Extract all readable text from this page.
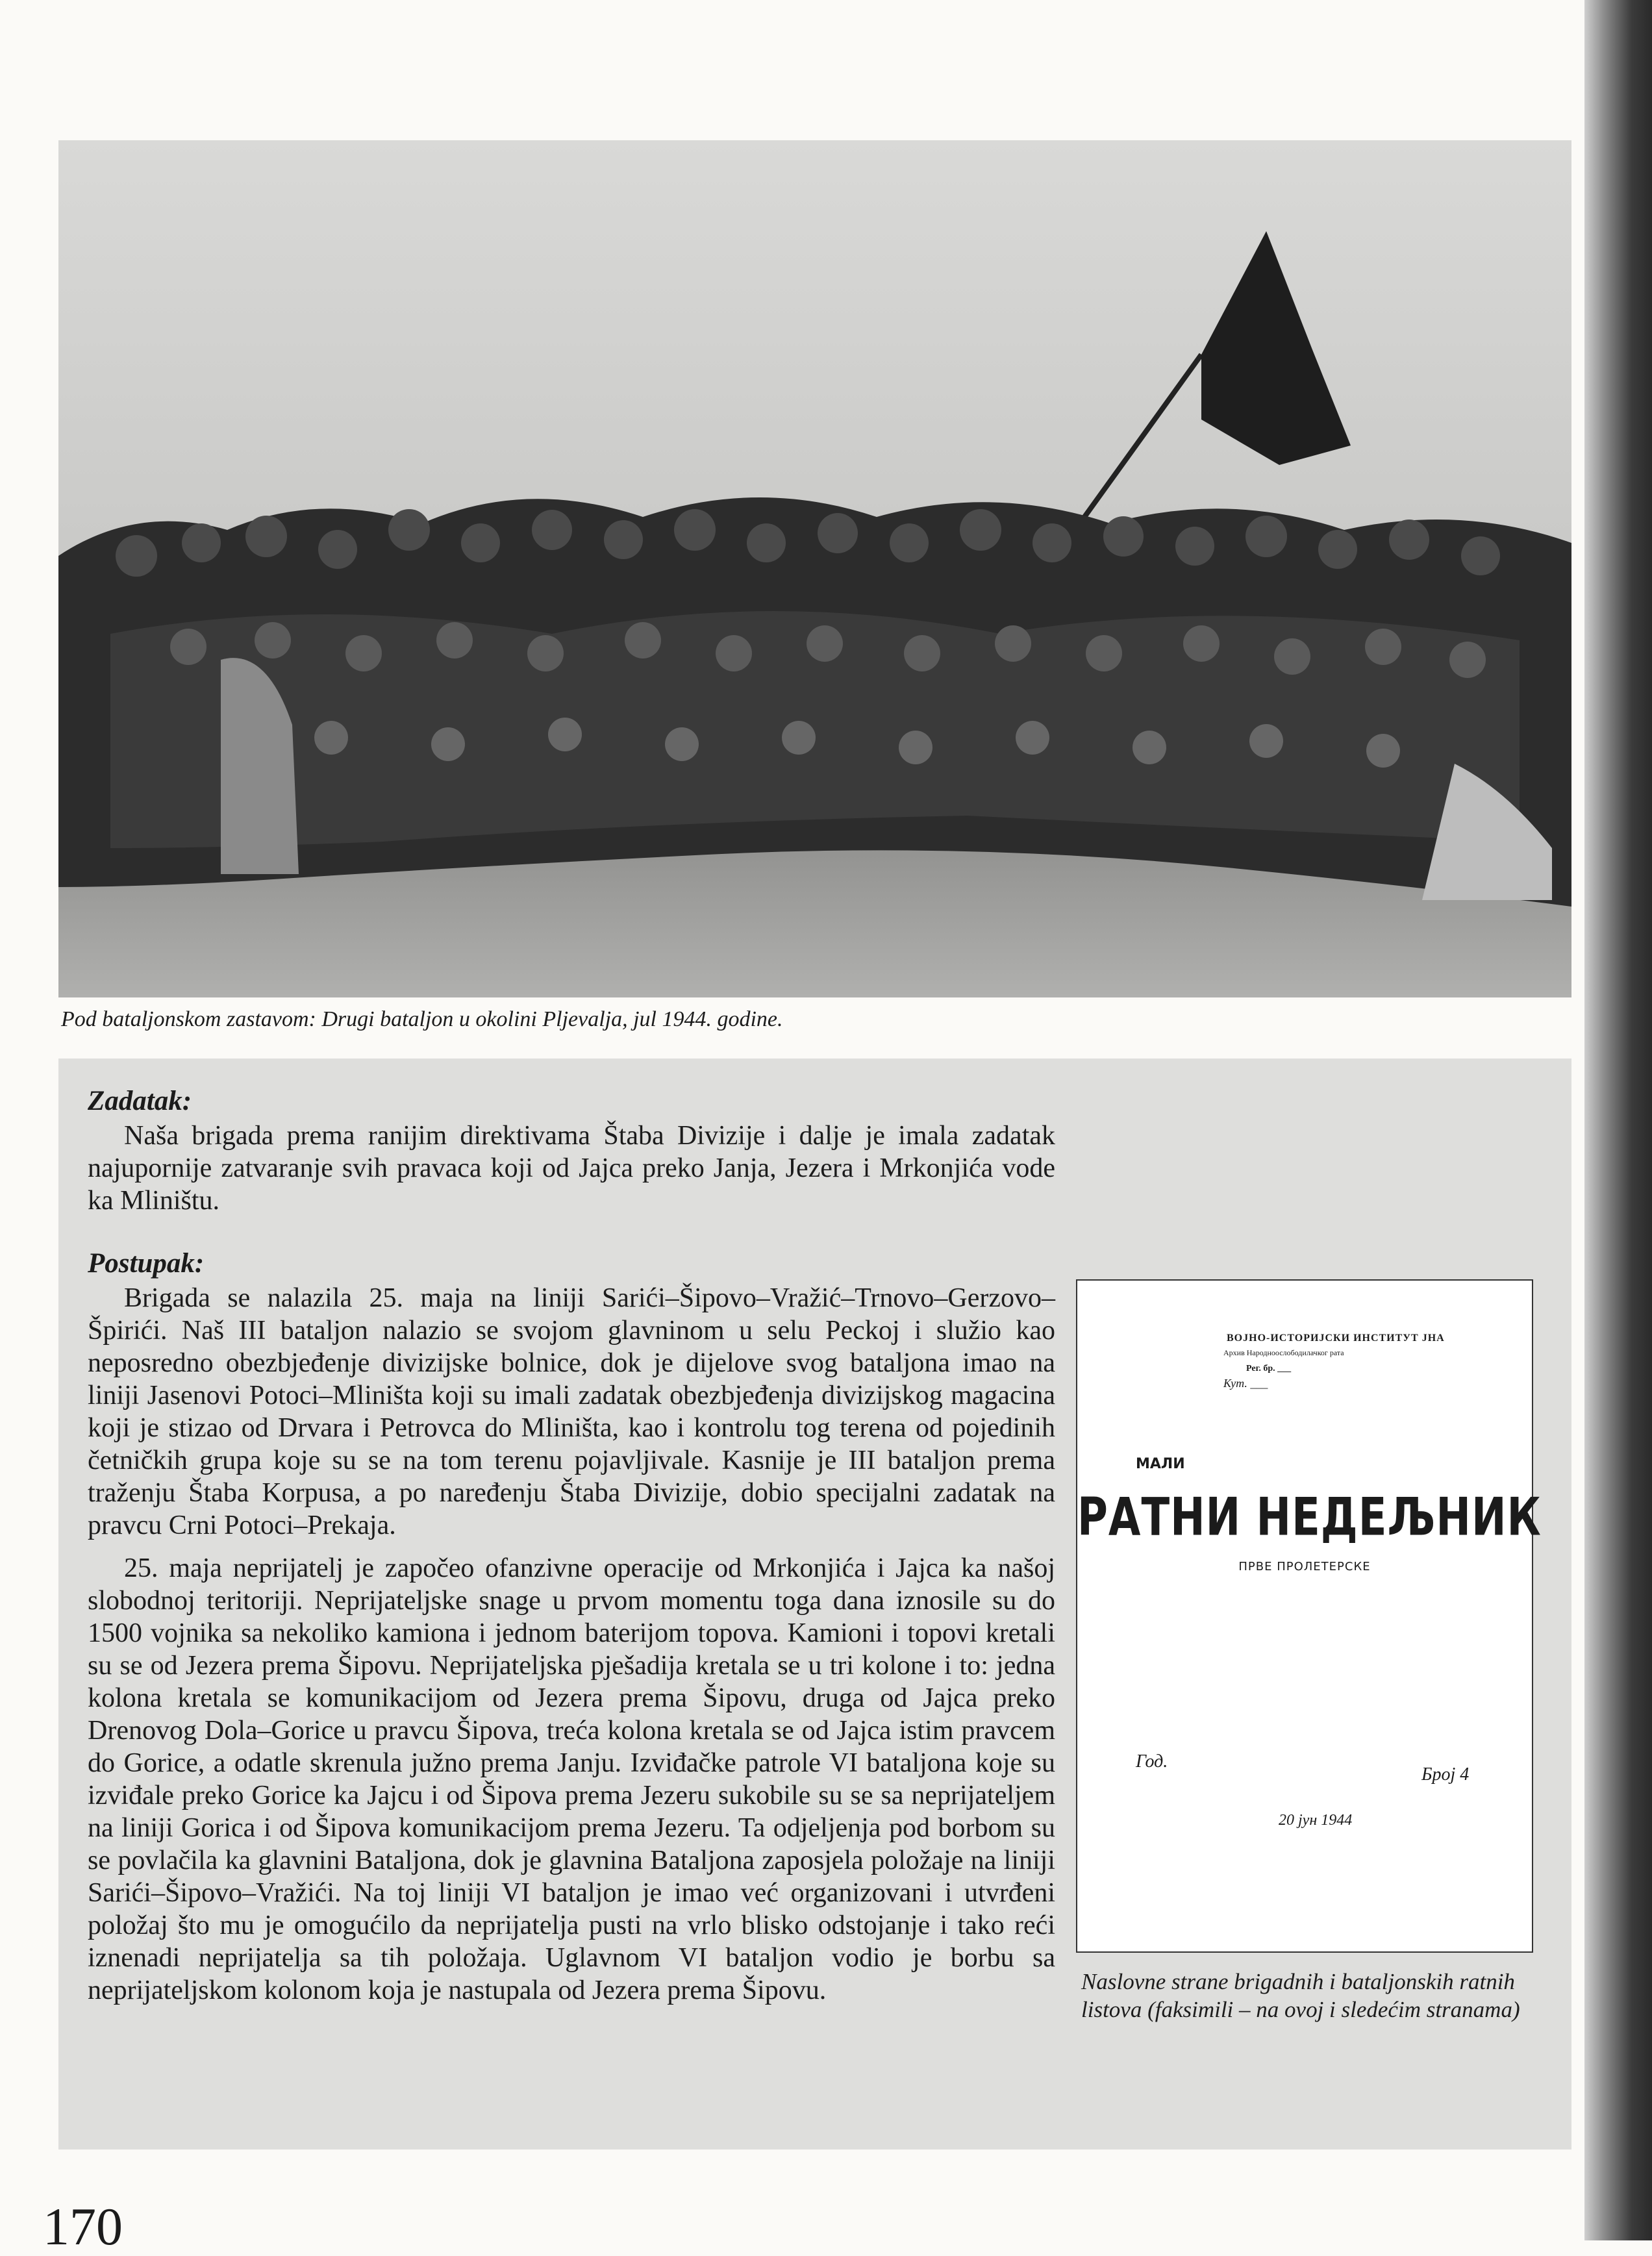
Pod bataljonskom zastavom: Drugi bataljon u okolini Pljevalja, jul 1944. godine.
Zadatak:

Naša brigada prema ranijim direktivama Štaba Divizije i dalje je imala zadatak najupornije zatvaranje svih pravaca koji od Jajca preko Janja, Jezera i Mrkonjića vode ka Mliništu.

Postupak:

Brigada se nalazila 25. maja na liniji Sarići–Šipovo–Vražić–Trnovo–Gerzovo–Špirići. Naš III bataljon nalazio se svojom glavninom u selu Peckoj i služio kao neposredno obezbjeđenje divizijske bolnice, dok je dijelove svog bataljona imao na liniji Jasenovi Potoci–Mliništa koji su imali zadatak obezbjeđenja divizijskog magacina koji je stizao od Drvara i Petrovca do Mliništa, kao i kontrolu tog terena od pojedinih četničkih grupa koje su se na tom terenu pojavljivale. Kasnije je III bataljon prema traženju Štaba Korpusa, a po naređenju Štaba Divizije, dobio specijalni zadatak na pravcu Crni Potoci–Prekaja.

25. maja neprijatelj je započeo ofanzivne operacije od Mrkonjića i Jajca ka našoj slobodnoj teritoriji. Neprijateljske snage u prvom momentu toga dana iznosile su do 1500 vojnika sa nekoliko kamiona i jednom baterijom topova. Kamioni i topovi kretali su se od Jezera prema Šipovu. Neprijateljska pješadija kretala se u tri kolone i to: jedna kolona kretala se komunikacijom od Jezera prema Šipovu, druga od Jajca preko Drenovog Dola–Gorice u pravcu Šipova, treća kolona kretala se od Jajca istim pravcem do Gorice, a odatle skrenula južno prema Janju. Izviđačke patrole VI bataljona koje su izviđale preko Gorice ka Jajcu i od Šipova prema Jezeru sukobile su se sa neprijateljem na liniji Gorica i od Šipova komunikacijom prema Jezeru. Ta odjeljenja pod borbom su se povlačila ka glavnini Bataljona, dok je glavnina Bataljona zaposjela položaje na liniji Sarići–Šipovo–Vražići. Na toj liniji VI bataljon je imao već organizovani i utvrđeni položaj što mu je omogućilo da neprijatelja pusti na vrlo blisko odstojanje i tako reći iznenadi neprijatelja sa tih položaja. Uglavnom VI bataljon vodio je borbu sa neprijateljskom kolonom koja je nastupala od Jezera prema Šipovu.

ВОЈНО-ИСТОРИЈСКИ ИНСТИТУТ ЈНА
Архив Народноослободилачког рата
Рег. бр. ___
Кут. ___
МАЛИ
РАТНИ НЕДЕЉНИК
ПРВЕ ПРОЛЕТЕРСКЕ
Год.
Број 4
20 јун 1944
Naslovne strane brigadnih i bataljonskih ratnih listova (faksimili – na ovoj i sledećim stranama)
170
